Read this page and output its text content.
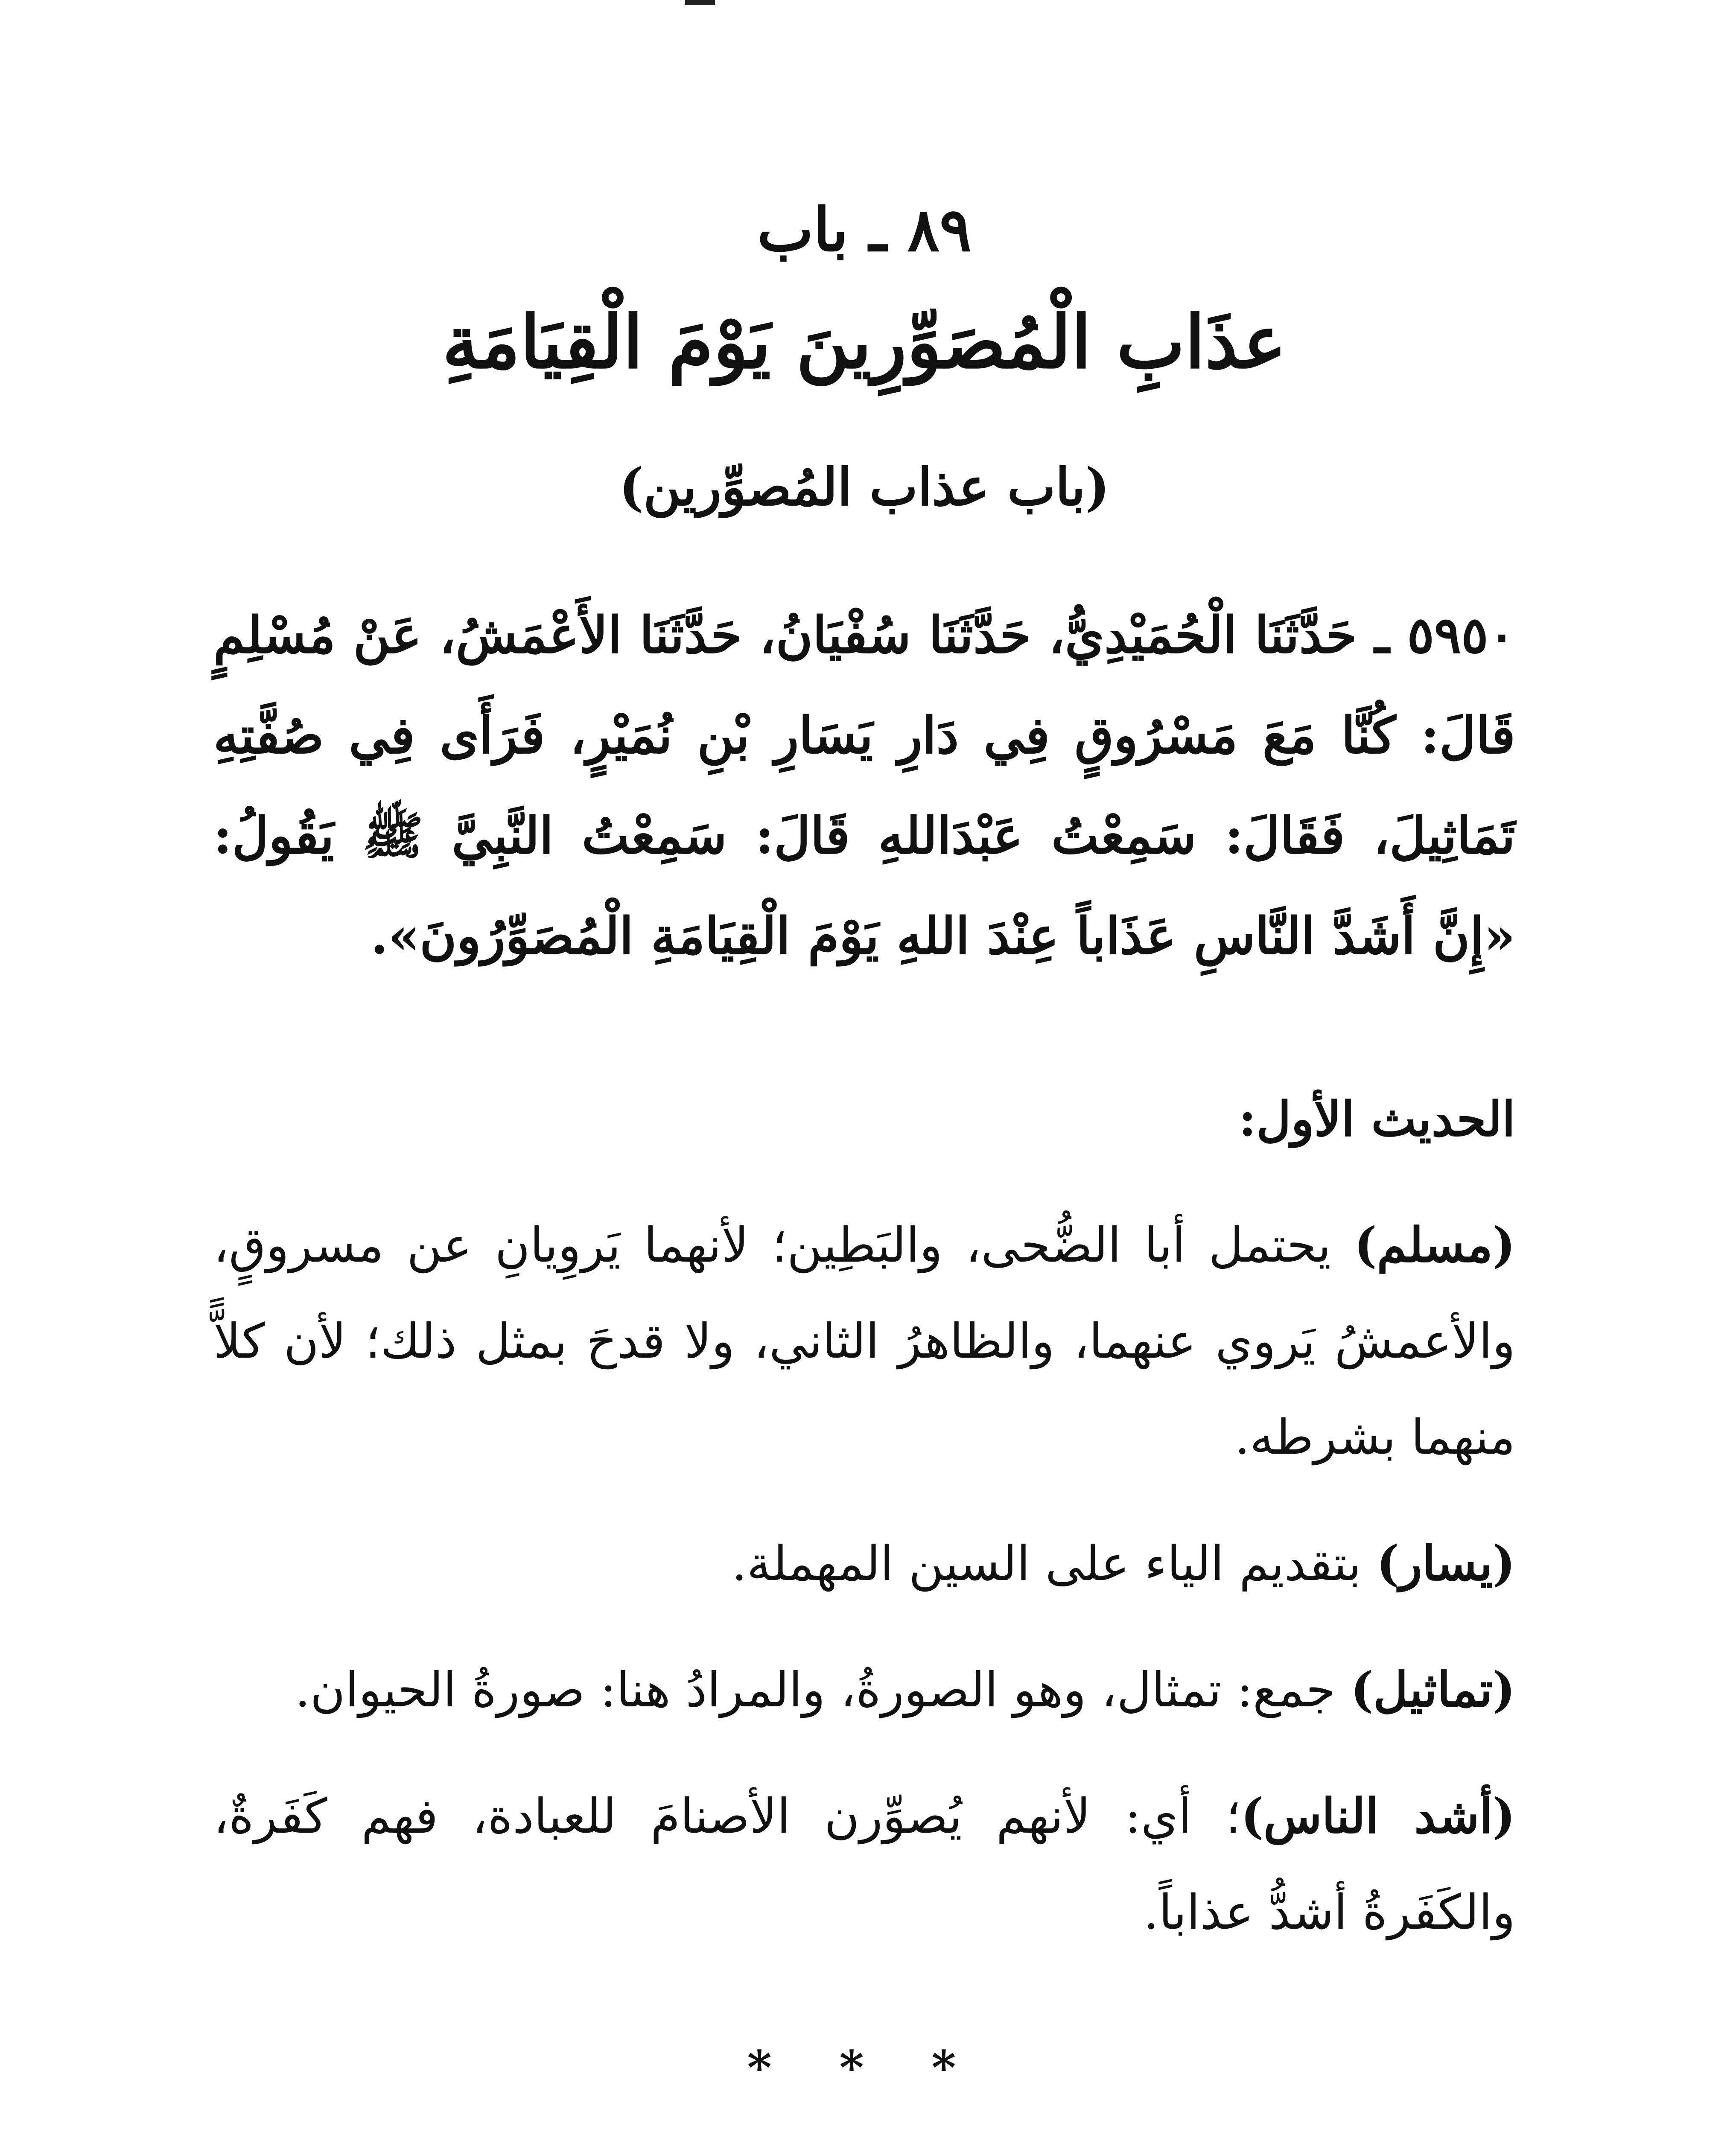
٨٩ ـ باب
عذَابِ الْمُصَوِّرِينَ يَوْمَ الْقِيَامَةِ
(باب عذاب المُصوِّرين)
٥٩٥٠ ـ حَدَّثَنَا الْحُمَيْدِيُّ، حَدَّثَنَا سُفْيَانُ، حَدَّثَنَا الأَعْمَشُ، عَنْ مُسْلِمٍ قَالَ: كُنَّا مَعَ مَسْرُوقٍ فِي دَارِ يَسَارِ بْنِ نُمَيْرٍ، فَرَأَى فِي صُفَّتِهِ تَمَاثِيلَ، فَقَالَ: سَمِعْتُ عَبْدَاللهِ قَالَ: سَمِعْتُ النَّبِيَّ ﷺ يَقُولُ: «إِنَّ أَشَدَّ النَّاسِ عَذَاباً عِنْدَ اللهِ يَوْمَ الْقِيَامَةِ الْمُصَوِّرُونَ».
الحديث الأول:

(مسلم) يحتمل أبا الضُّحى، والبَطِين؛ لأنهما يَروِيانِ عن مسروقٍ، والأعمشُ يَروي عنهما، والظاهرُ الثاني، ولا قدحَ بمثل ذلك؛ لأن كلاًّ منهما بشرطه.

(يسار) بتقديم الياء على السين المهملة.

(تماثيل) جمع: تمثال، وهو الصورةُ، والمرادُ هنا: صورةُ الحيوان.

(أشد الناس)؛ أي: لأنهم يُصوِّرن الأصنامَ للعبادة، فهم كَفَرةٌ، والكَفَرةُ أشدُّ عذاباً.

* * *
